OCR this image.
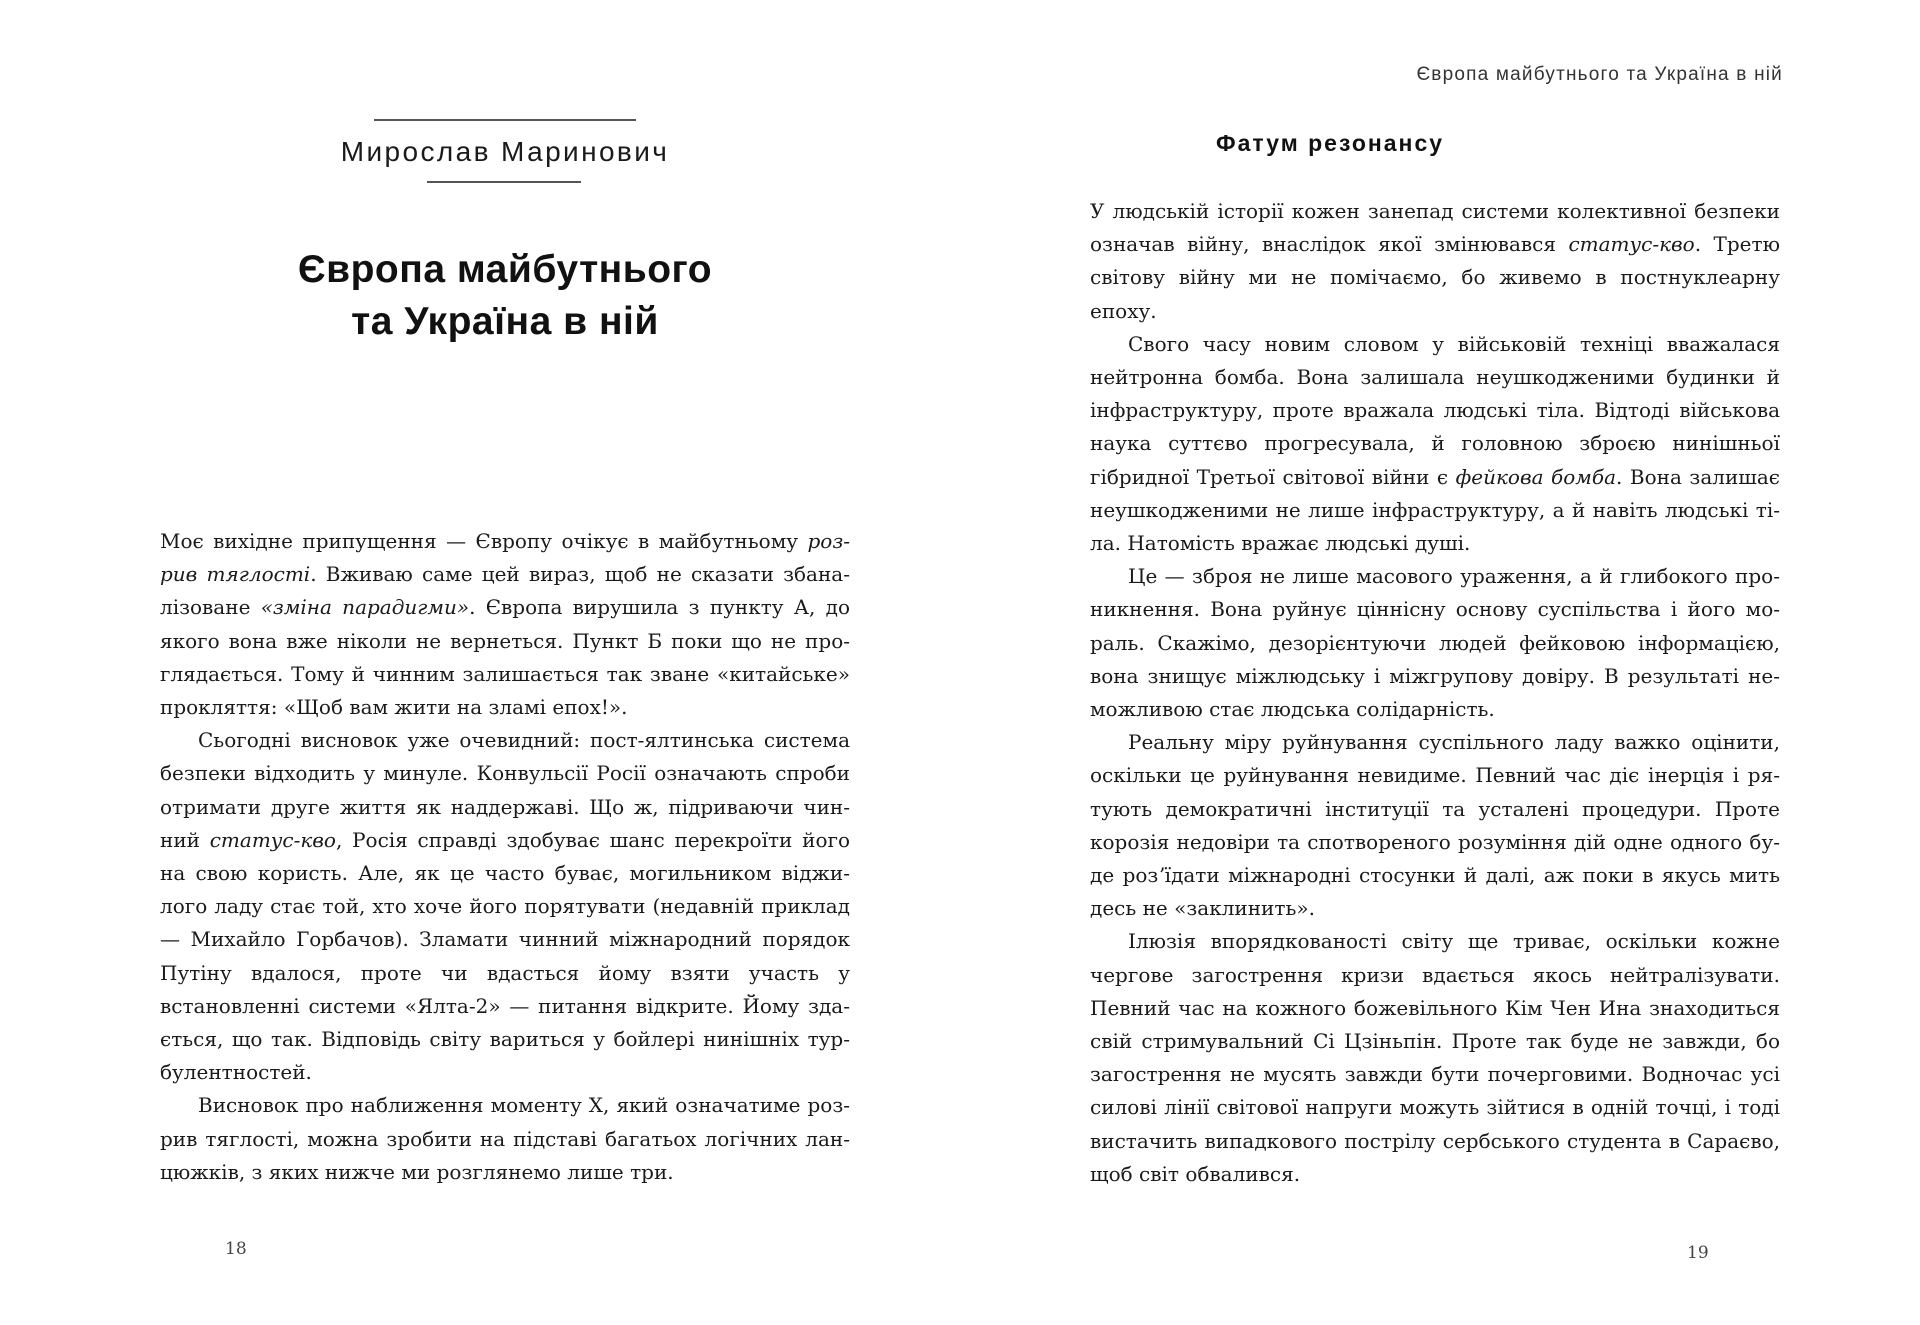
Мирослав Маринович
Європа майбутнього
та Україна в ній
18

Моє вихідне припущення — Європу очікує в майбутньому розрив тяглості. Вживаю саме цей вираз, щоб не сказати збаналізоване «зміна парадигми». Європа вирушила з пункту А, до якого вона вже ніколи не вернеться. Пункт Б поки що не проглядається. Тому й чинним залишається так зване «китайське» прокляття: «Щоб вам жити на зламі епох!».

Сьогодні висновок уже очевидний: пост-ялтинська система безпеки відходить у минуле. Конвульсії Росії означають спроби отримати друге життя як наддержаві. Що ж, підриваючи чинний статус-кво, Росія справді здобуває шанс перекроїти його на свою користь. Але, як це часто буває, могильником віджилого ладу стає той, хто хоче його порятувати (недавній приклад — Михайло Горбачов). Зламати чинний міжнародний порядок Путіну вдалося, проте чи вдасться йому взяти участь у встановленні системи «Ялта-2» — питання відкрите. Йому здається, що так. Відповідь світу вариться у бойлері нинішніх турбулентностей.

Висновок про наближення моменту Х, який означатиме розрив тяглості, можна зробити на підставі багатьох логічних ланцюжків, з яких нижче ми розглянемо лише три.

19
Європа майбутнього та Україна в ній
Фатум резонансу

У людській історії кожен занепад системи колективної безпеки означав війну, внаслідок якої змінювався статус-кво. Третю світову війну ми не помічаємо, бо живемо в постнуклеарну епоху.

Свого часу новим словом у військовій техніці вважалася нейтронна бомба. Вона залишала неушкодженими будинки й інфраструктуру, проте вражала людські тіла. Відтоді військова наука суттєво прогресувала, й головною зброєю нинішньої гібридної Третьої світової війни є фейкова бомба. Вона залишає неушкодженими не лише інфраструктуру, а й навіть людські тіла. Натомість вражає людські душі.

Це — зброя не лише масового ураження, а й глибокого проникнення. Вона руйнує ціннісну основу суспільства і його мораль. Скажімо, дезорієнтуючи людей фейковою інформацією, вона знищує міжлюдську і міжгрупову довіру. В результаті неможливою стає людська солідарність.

Реальну міру руйнування суспільного ладу важко оцінити, оскільки це руйнування невидиме. Певний час діє інерція і рятують демократичні інституції та усталені процедури. Проте корозія недовіри та спотвореного розуміння дій одне одного буде розʼїдати міжнародні стосунки й далі, аж поки в якусь мить десь не «заклинить».

Ілюзія впорядкованості світу ще триває, оскільки кожне чергове загострення кризи вдається якось нейтралізувати. Певний час на кожного божевільного Кім Чен Ина знаходиться свій стримувальний Сі Цзіньпін. Проте так буде не завжди, бо загострення не мусять завжди бути почерговими. Водночас усі силові лінії світової напруги можуть зійтися в одній точці, і тоді вистачить випадкового пострілу сербського студента в Сараєво, щоб світ обвалився.
